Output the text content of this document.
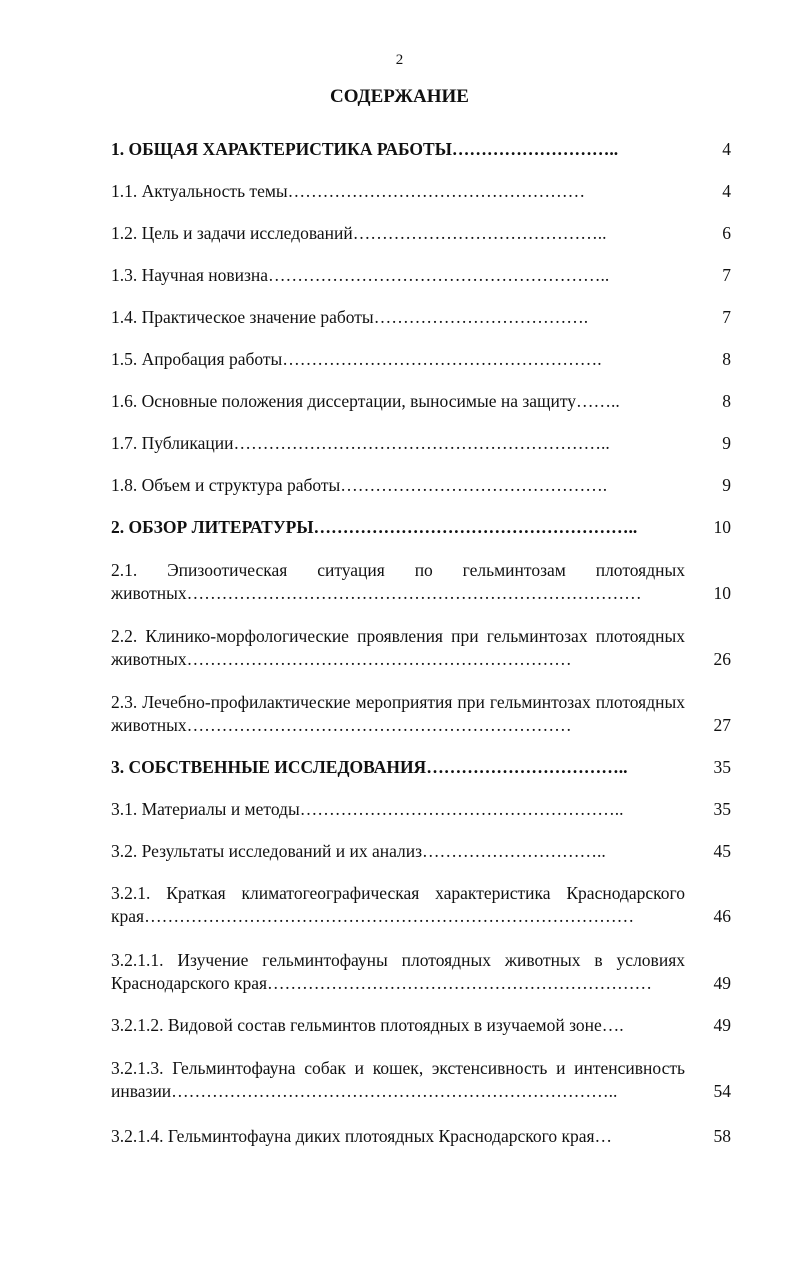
2
СОДЕРЖАНИЕ
1. ОБЩАЯ ХАРАКТЕРИСТИКА РАБОТЫ………………………..	4
1.1. Актуальность темы……………………………………………	4
1.2. Цель и задачи исследований……………………………………..	6
1.3. Научная новизна…………………………………………………..	7
1.4. Практическое значение работы……………………………….	7
1.5. Апробация работы……………………………………………….	8
1.6. Основные положения диссертации, выносимые на защиту……..	8
1.7. Публикации………………………………………………………..	9
1.8. Объем и структура работы……………………………………….	9
2. ОБЗОР ЛИТЕРАТУРЫ………………………………………………..	10
2.1. Эпизоотическая ситуация по гельминтозам плотоядных животных……………………………………………………………………	10
2.2. Клинико-морфологические проявления при гельминтозах плотоядных животных…………………………………………………………	26
2.3. Лечебно-профилактические мероприятия при гельминтозах плотоядных животных…………………………………………………………	27
3. СОБСТВЕННЫЕ ИССЛЕДОВАНИЯ……………………………..	35
3.1. Материалы и методы………………………………………………..	35
3.2. Результаты исследований и их анализ…………………………..	45
3.2.1. Краткая климатогеографическая характеристика Краснодарского края…………………………………………………………………………	46
3.2.1.1. Изучение гельминтофауны плотоядных животных в условиях Краснодарского края…………………………………………………………	49
3.2.1.2. Видовой состав гельминтов плотоядных в изучаемой зоне….	49
3.2.1.3. Гельминтофауна собак и кошек, экстенсивность и интенсивность инвазии…………………………………………………………………..	54
3.2.1.4. Гельминтофауна диких плотоядных Краснодарского края…	58
